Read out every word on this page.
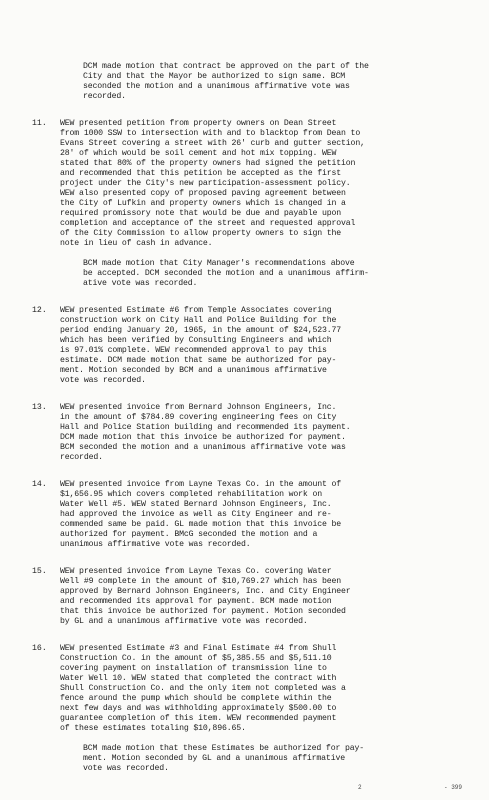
DCM made motion that contract be approved on the part of the
City and that the Mayor be authorized to sign same. BCM
seconded the motion and a unanimous affirmative vote was
recorded.
11. WEW presented petition from property owners on Dean Street
from 1000 SSW to intersection with and to blacktop from Dean to
Evans Street covering a street with 26' curb and gutter section,
28' of which would be soil cement and hot mix topping. WEW
stated that 80% of the property owners had signed the petition
and recommended that this petition be accepted as the first
project under the City's new participation-assessment policy.
WEW also presented copy of proposed paving agreement between
the City of Lufkin and property owners which is changed in a
required promissory note that would be due and payable upon
completion and acceptance of the street and requested approval
of the City Commission to allow property owners to sign the
note in lieu of cash in advance.
BCM made motion that City Manager's recommendations above
be accepted. DCM seconded the motion and a unanimous affirm-
ative vote was recorded.
12. WEW presented Estimate #6 from Temple Associates covering
construction work on City Hall and Police Building for the
period ending January 20, 1965, in the amount of $24,523.77
which has been verified by Consulting Engineers and which
is 97.01% complete. WEW recommended approval to pay this
estimate. DCM made motion that same be authorized for pay-
ment. Motion seconded by BCM and a unanimous affirmative
vote was recorded.
13. WEW presented invoice from Bernard Johnson Engineers, Inc.
in the amount of $784.89 covering engineering fees on City
Hall and Police Station building and recommended its payment.
DCM made motion that this invoice be authorized for payment.
BCM seconded the motion and a unanimous affirmative vote was
recorded.
14. WEW presented invoice from Layne Texas Co. in the amount of
$1,656.95 which covers completed rehabilitation work on
Water Well #5. WEW stated Bernard Johnson Engineers, Inc.
had approved the invoice as well as City Engineer and re-
commended same be paid. GL made motion that this invoice be
authorized for payment. BMcG seconded the motion and a
unanimous affirmative vote was recorded.
15. WEW presented invoice from Layne Texas Co. covering Water
Well #9 complete in the amount of $10,769.27 which has been
approved by Bernard Johnson Engineers, Inc. and City Engineer
and recommended its approval for payment. BCM made motion
that this invoice be authorized for payment. Motion seconded
by GL and a unanimous affirmative vote was recorded.
16. WEW presented Estimate #3 and Final Estimate #4 from Shull
Construction Co. in the amount of $5,385.55 and $5,511.10
covering payment on installation of transmission line to
Water Well 10. WEW stated that completed the contract with
Shull Construction Co. and the only item not completed was a
fence around the pump which should be complete within the
next few days and was withholding approximately $500.00 to
guarantee completion of this item. WEW recommended payment
of these estimates totaling $10,896.65.
BCM made motion that these Estimates be authorized for pay-
ment. Motion seconded by GL and a unanimous affirmative
vote was recorded.
2	- 399
